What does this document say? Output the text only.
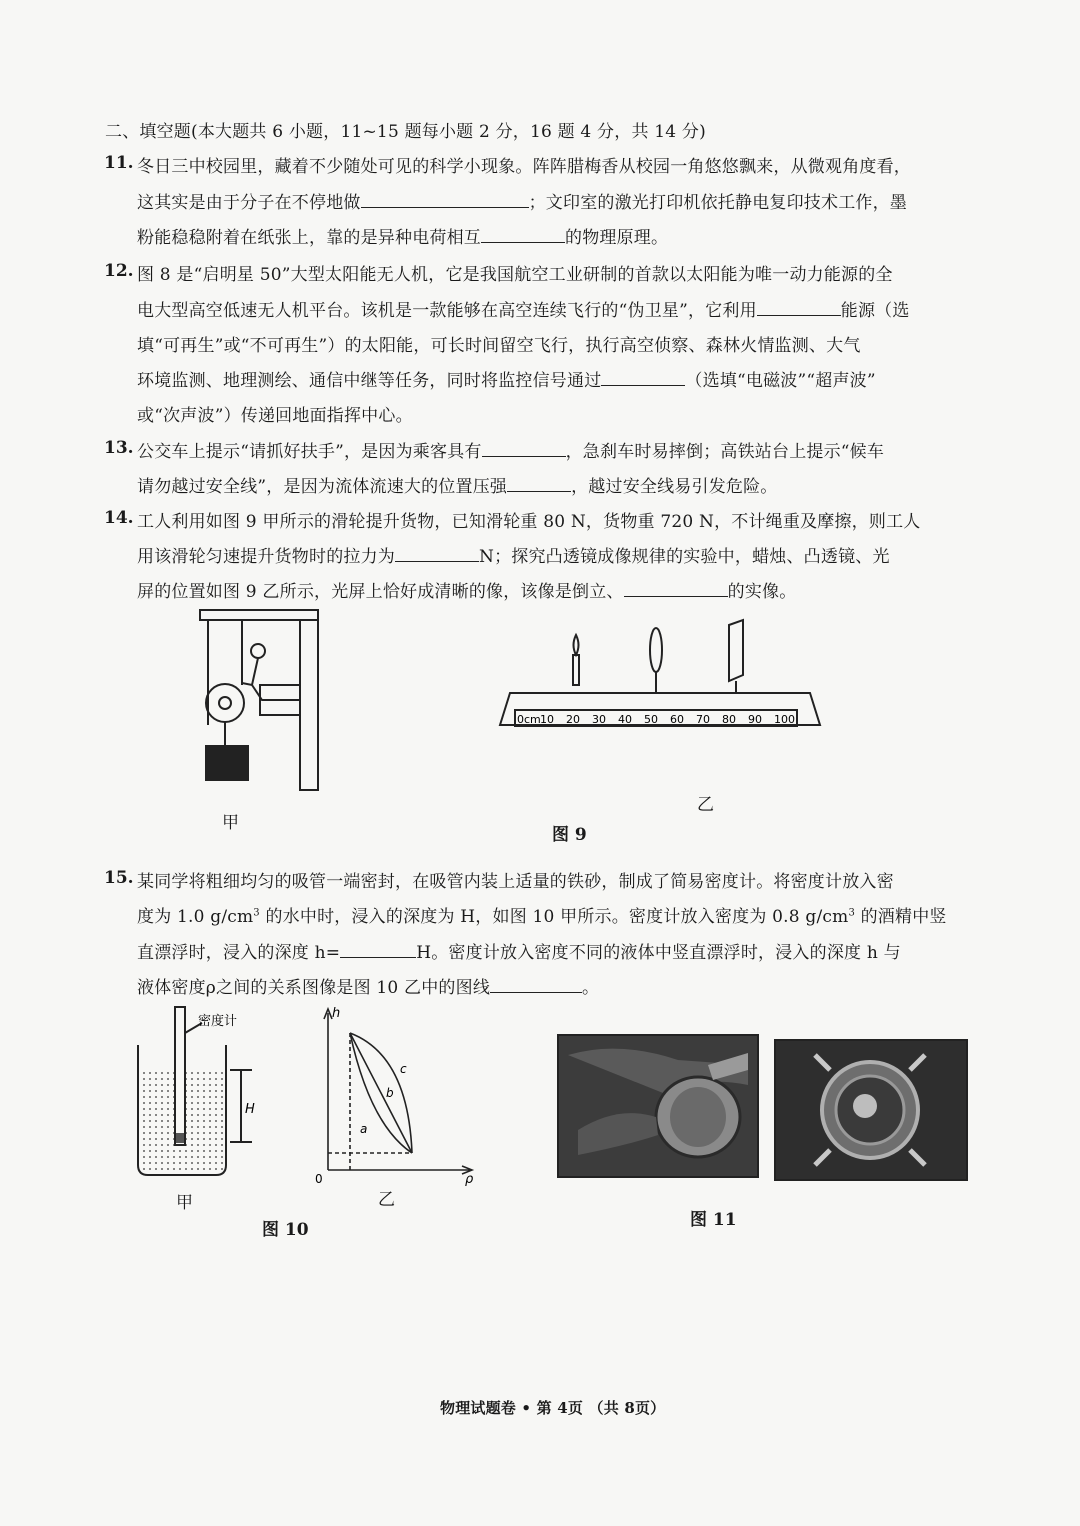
二、填空题(本大题共 6 小题，11~15 题每小题 2 分，16 题 4 分，共 14 分)
11. 冬日三中校园里，藏着不少随处可见的科学小现象。阵阵腊梅香从校园一角悠悠飘来，从微观角度看，
这其实是由于分子在不停地做	；文印室的激光打印机依托静电复印技术工作，墨
粉能稳稳附着在纸张上，靠的是异种电荷相互	的物理原理。
12. 图 8 是“启明星 50”大型太阳能无人机，它是我国航空工业研制的首款以太阳能为唯一动力能源的全
电大型高空低速无人机平台。该机是一款能够在高空连续飞行的“伪卫星”，它利用	能源（选
填“可再生”或“不可再生”）的太阳能，可长时间留空飞行，执行高空侦察、森林火情监测、大气
环境监测、地理测绘、通信中继等任务，同时将监控信号通过	（选填“电磁波”“超声波”
或“次声波”）传递回地面指挥中心。
13. 公交车上提示“请抓好扶手”，是因为乘客具有	，急刹车时易摔倒；高铁站台上提示“候车
请勿越过安全线”，是因为流体流速大的位置压强	，越过安全线易引发危险。
14. 工人利用如图 9 甲所示的滑轮提升货物，已知滑轮重 80 N，货物重 720 N，不计绳重及摩擦，则工人
用该滑轮匀速提升货物时的拉力为	N；探究凸透镜成像规律的实验中，蜡烛、凸透镜、光
屏的位置如图 9 乙所示，光屏上恰好成清晰的像，该像是倒立、	的实像。
甲
0cm 10 20 30 40 50 60 70 80 90 100
乙
图 9
15. 某同学将粗细均匀的吸管一端密封，在吸管内装上适量的铁砂，制成了简易密度计。将密度计放入密
度为 1.0 $g/cm^3$ 的水中时，浸入的深度为 H，如图 10 甲所示。密度计放入密度为 0.8 $g/cm^3$ 的酒精中竖
直漂浮时，浸入的深度 h=	H。密度计放入密度不同的液体中竖直漂浮时，浸入的深度 h 与
液体密度ρ之间的关系图像是图 10 乙中的图线	。
密度计
H
甲
h
ρ
0
a
b
c
乙
图 10	图 11
物理试题卷 • 第 4页 （共 8页）
